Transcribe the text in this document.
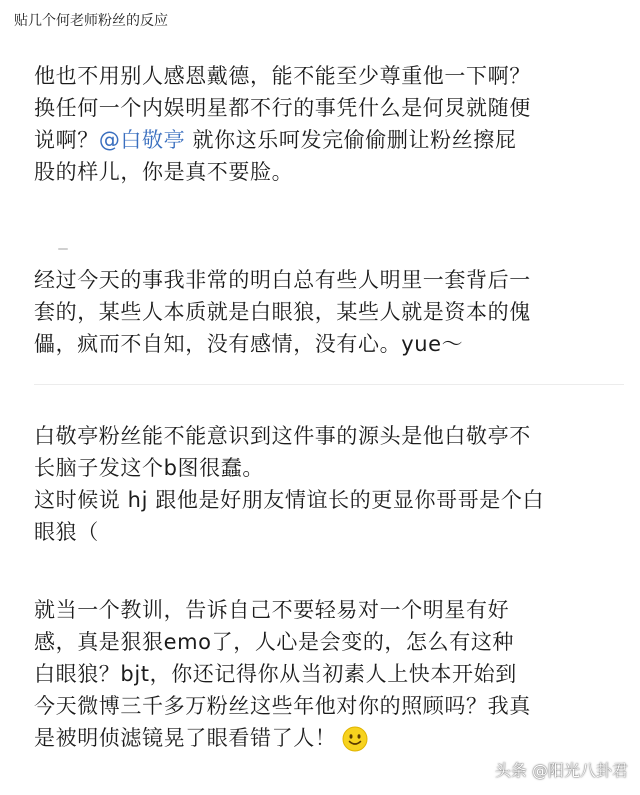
贴几个何老师粉丝的反应

他也不用别人感恩戴德，能不能至少尊重他一下啊？

换任何一个内娱明星都不行的事凭什么是何炅就随便

说啊？@白敬亭 就你这乐呵发完偷偷删让粉丝擦屁

股的样儿，你是真不要脸。

经过今天的事我非常的明白总有些人明里一套背后一

套的，某些人本质就是白眼狼，某些人就是资本的傀

儡，疯而不自知，没有感情，没有心。yue～

白敬亭粉丝能不能意识到这件事的源头是他白敬亭不

长脑子发这个b图很蠢。

这时候说 hj 跟他是好朋友情谊长的更显你哥哥是个白

眼狼（

就当一个教训，告诉自己不要轻易对一个明星有好

感，真是狠狠emo了，人心是会变的，怎么有这种

白眼狼？bjt，你还记得你从当初素人上快本开始到

今天微博三千多万粉丝这些年他对你的照顾吗？我真

是被明侦滤镜晃了眼看错了人！

头条 @阳光八卦君
